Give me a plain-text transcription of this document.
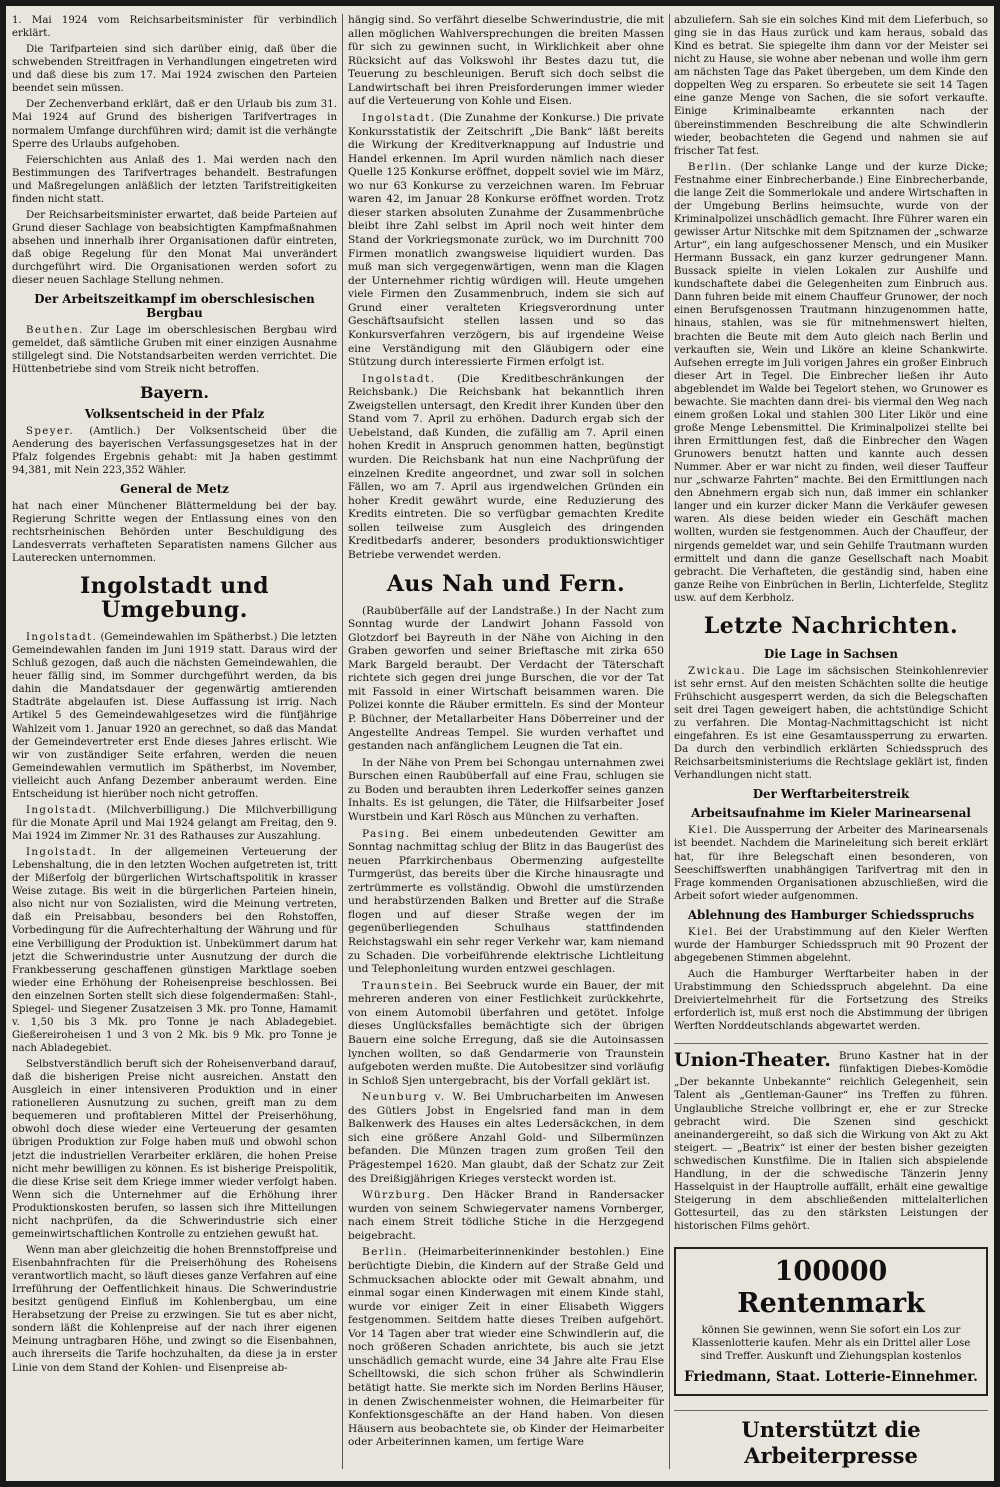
1. Mai 1924 vom Reichsarbeitsminister für verbindlich erklärt.

Die Tarifparteien sind sich darüber einig, daß über die schwebenden Streitfragen in Verhandlungen eingetreten wird und daß diese bis zum 17. Mai 1924 zwischen den Parteien beendet sein müssen.

Der Zechenverband erklärt, daß er den Urlaub bis zum 31. Mai 1924 auf Grund des bisherigen Tarifvertrages in normalem Umfange durchführen wird; damit ist die verhängte Sperre des Urlaubs aufgehoben.

Feierschichten aus Anlaß des 1. Mai werden nach den Bestimmungen des Tarifvertrages behandelt. Bestrafungen und Maßregelungen anläßlich der letzten Tarifstreitigkeiten finden nicht statt.

Der Reichsarbeitsminister erwartet, daß beide Parteien auf Grund dieser Sachlage von beabsichtigten Kampfmaßnahmen absehen und innerhalb ihrer Organisationen dafür eintreten, daß obige Regelung für den Monat Mai unverändert durchgeführt wird. Die Organisationen werden sofort zu dieser neuen Sachlage Stellung nehmen.

Der Arbeitszeitkampf im oberschlesischen Bergbau

Beuthen. Zur Lage im oberschlesischen Bergbau wird gemeldet, daß sämtliche Gruben mit einer einzigen Ausnahme stillgelegt sind. Die Notstandsarbeiten werden verrichtet. Die Hüttenbetriebe sind vom Streik nicht betroffen.

Bayern.
Volksentscheid in der Pfalz

Speyer. (Amtlich.) Der Volksentscheid über die Aenderung des bayerischen Verfassungsgesetzes hat in der Pfalz folgendes Ergebnis gehabt: mit Ja haben gestimmt 94,381, mit Nein 223,352 Wähler.

General de Metz

hat nach einer Münchener Blättermeldung bei der bay. Regierung Schritte wegen der Entlassung eines von den rechtsrheinischen Behörden unter Beschuldigung des Landesverrats verhafteten Separatisten namens Gilcher aus Lauterecken unternommen.

Ingolstadt und Umgebung.

Ingolstadt. (Gemeindewahlen im Spätherbst.) Die letzten Gemeindewahlen fanden im Juni 1919 statt. Daraus wird der Schluß gezogen, daß auch die nächsten Gemeindewahlen, die heuer fällig sind, im Sommer durchgeführt werden, da bis dahin die Mandatsdauer der gegenwärtig amtierenden Stadträte abgelaufen ist. Diese Auffassung ist irrig. Nach Artikel 5 des Gemeindewahlgesetzes wird die fünfjährige Wahlzeit vom 1. Januar 1920 an gerechnet, so daß das Mandat der Gemeindevertreter erst Ende dieses Jahres erlischt. Wie wir von zuständiger Seite erfahren, werden die neuen Gemeindewahlen vermutlich im Spätherbst, im November, vielleicht auch Anfang Dezember anberaumt werden. Eine Entscheidung ist hierüber noch nicht getroffen.

Ingolstadt. (Milchverbilligung.) Die Milchverbilligung für die Monate April und Mai 1924 gelangt am Freitag, den 9. Mai 1924 im Zimmer Nr. 31 des Rathauses zur Auszahlung.

Ingolstadt. In der allgemeinen Verteuerung der Lebenshaltung, die in den letzten Wochen aufgetreten ist, tritt der Mißerfolg der bürgerlichen Wirtschaftspolitik in krasser Weise zutage. Bis weit in die bürgerlichen Parteien hinein, also nicht nur von Sozialisten, wird die Meinung vertreten, daß ein Preisabbau, besonders bei den Rohstoffen, Vorbedingung für die Aufrechterhaltung der Währung und für eine Verbilligung der Produktion ist. Unbekümmert darum hat jetzt die Schwerindustrie unter Ausnutzung der durch die Frankbesserung geschaffenen günstigen Marktlage soeben wieder eine Erhöhung der Roheisenpreise beschlossen. Bei den einzelnen Sorten stellt sich diese folgendermaßen: Stahl-, Spiegel- und Siegener Zusatzeisen 3 Mk. pro Tonne, Hamamit v. 1,50 bis 3 Mk. pro Tonne je nach Abladegebiet. Gießereiroheisen 1 und 3 von 2 Mk. bis 9 Mk. pro Tonne je nach Abladegebiet.

Selbstverständlich beruft sich der Roheisenverband darauf, daß die bisherigen Preise nicht ausreichen. Anstatt den Ausgleich in einer intensiveren Produktion und in einer rationelleren Ausnutzung zu suchen, greift man zu dem bequemeren und profitableren Mittel der Preiserhöhung, obwohl doch diese wieder eine Verteuerung der gesamten übrigen Produktion zur Folge haben muß und obwohl schon jetzt die industriellen Verarbeiter erklären, die hohen Preise nicht mehr bewilligen zu können. Es ist bisherige Preispolitik, die diese Krise seit dem Kriege immer wieder verfolgt haben. Wenn sich die Unternehmer auf die Erhöhung ihrer Produktionskosten berufen, so lassen sich ihre Mitteilungen nicht nachprüfen, da die Schwerindustrie sich einer gemeinwirtschaftlichen Kontrolle zu entziehen gewußt hat.

Wenn man aber gleichzeitig die hohen Brennstoffpreise und Eisenbahnfrachten für die Preiserhöhung des Roheisens verantwortlich macht, so läuft dieses ganze Verfahren auf eine Irreführung der Oeffentlichkeit hinaus. Die Schwerindustrie besitzt genügend Einfluß im Kohlenbergbau, um eine Herabsetzung der Preise zu erzwingen. Sie tut es aber nicht, sondern läßt die Kohlenpreise auf der nach ihrer eigenen Meinung untragbaren Höhe, und zwingt so die Eisenbahnen, auch ihrerseits die Tarife hochzuhalten, da diese ja in erster Linie von dem Stand der Kohlen- und Eisenpreise ab-

hängig sind. So verfährt dieselbe Schwerindustrie, die mit allen möglichen Wahlversprechungen die breiten Massen für sich zu gewinnen sucht, in Wirklichkeit aber ohne Rücksicht auf das Volkswohl ihr Bestes dazu tut, die Teuerung zu beschleunigen. Beruft sich doch selbst die Landwirtschaft bei ihren Preisforderungen immer wieder auf die Verteuerung von Kohle und Eisen.

Ingolstadt. (Die Zunahme der Konkurse.) Die private Konkursstatistik der Zeitschrift „Die Bank“ läßt bereits die Wirkung der Kreditverknappung auf Industrie und Handel erkennen. Im April wurden nämlich nach dieser Quelle 125 Konkurse eröffnet, doppelt soviel wie im März, wo nur 63 Konkurse zu verzeichnen waren. Im Februar waren 42, im Januar 28 Konkurse eröffnet worden. Trotz dieser starken absoluten Zunahme der Zusammenbrüche bleibt ihre Zahl selbst im April noch weit hinter dem Stand der Vorkriegsmonate zurück, wo im Durchnitt 700 Firmen monatlich zwangsweise liquidiert wurden. Das muß man sich vergegenwärtigen, wenn man die Klagen der Unternehmer richtig würdigen will. Heute umgehen viele Firmen den Zusammenbruch, indem sie sich auf Grund einer veralteten Kriegsverordnung unter Geschäftsaufsicht stellen lassen und so das Konkursverfahren verzögern, bis auf irgendeine Weise eine Verständigung mit den Gläubigern oder eine Stützung durch interessierte Firmen erfolgt ist.

Ingolstadt. (Die Kreditbeschränkungen der Reichsbank.) Die Reichsbank hat bekanntlich ihren Zweigstellen untersagt, den Kredit ihrer Kunden über den Stand vom 7. April zu erhöhen. Dadurch ergab sich der Uebelstand, daß Kunden, die zufällig am 7. April einen hohen Kredit in Anspruch genommen hatten, begünstigt wurden. Die Reichsbank hat nun eine Nachprüfung der einzelnen Kredite angeordnet, und zwar soll in solchen Fällen, wo am 7. April aus irgendwelchen Gründen ein hoher Kredit gewährt wurde, eine Reduzierung des Kredits eintreten. Die so verfügbar gemachten Kredite sollen teilweise zum Ausgleich des dringenden Kreditbedarfs anderer, besonders produktionswichtiger Betriebe verwendet werden.

Aus Nah und Fern.

(Raubüberfälle auf der Landstraße.) In der Nacht zum Sonntag wurde der Landwirt Johann Fassold von Glotzdorf bei Bayreuth in der Nähe von Aiching in den Graben geworfen und seiner Brieftasche mit zirka 650 Mark Bargeld beraubt. Der Verdacht der Täterschaft richtete sich gegen drei junge Burschen, die vor der Tat mit Fassold in einer Wirtschaft beisammen waren. Die Polizei konnte die Räuber ermitteln. Es sind der Monteur P. Büchner, der Metallarbeiter Hans Döberreiner und der Angestellte Andreas Tempel. Sie wurden verhaftet und gestanden nach anfänglichem Leugnen die Tat ein.

In der Nähe von Prem bei Schongau unternahmen zwei Burschen einen Raubüberfall auf eine Frau, schlugen sie zu Boden und beraubten ihren Lederkoffer seines ganzen Inhalts. Es ist gelungen, die Täter, die Hilfsarbeiter Josef Wurstbein und Karl Rösch aus München zu verhaften.

Pasing. Bei einem unbedeutenden Gewitter am Sonntag nachmittag schlug der Blitz in das Baugerüst des neuen Pfarrkirchenbaus Obermenzing aufgestellte Turmgerüst, das bereits über die Kirche hinausragte und zertrümmerte es vollständig. Obwohl die umstürzenden und herabstürzenden Balken und Bretter auf die Straße flogen und auf dieser Straße wegen der im gegenüberliegenden Schulhaus stattfindenden Reichstagswahl ein sehr reger Verkehr war, kam niemand zu Schaden. Die vorbeiführende elektrische Lichtleitung und Telephonleitung wurden entzwei geschlagen.

Traunstein. Bei Seebruck wurde ein Bauer, der mit mehreren anderen von einer Festlichkeit zurückkehrte, von einem Automobil überfahren und getötet. Infolge dieses Unglücksfalles bemächtigte sich der übrigen Bauern eine solche Erregung, daß sie die Autoinsassen lynchen wollten, so daß Gendarmerie von Traunstein aufgeboten werden mußte. Die Autobesitzer sind vorläufig in Schloß Sjen untergebracht, bis der Vorfall geklärt ist.

Neunburg v. W. Bei Umbrucharbeiten im Anwesen des Gütlers Jobst in Engelsried fand man in dem Balkenwerk des Hauses ein altes Ledersäckchen, in dem sich eine größere Anzahl Gold- und Silbermünzen befanden. Die Münzen tragen zum großen Teil den Prägestempel 1620. Man glaubt, daß der Schatz zur Zeit des Dreißigjährigen Krieges versteckt worden ist.

Würzburg. Den Häcker Brand in Randersacker wurden von seinem Schwiegervater namens Vornberger, nach einem Streit tödliche Stiche in die Herzgegend beigebracht.

Berlin. (Heimarbeiterinnenkinder bestohlen.) Eine berüchtigte Diebin, die Kindern auf der Straße Geld und Schmucksachen ablockte oder mit Gewalt abnahm, und einmal sogar einen Kinderwagen mit einem Kinde stahl, wurde vor einiger Zeit in einer Elisabeth Wiggers festgenommen. Seitdem hatte dieses Treiben aufgehört. Vor 14 Tagen aber trat wieder eine Schwindlerin auf, die noch größeren Schaden anrichtete, bis auch sie jetzt unschädlich gemacht wurde, eine 34 Jahre alte Frau Else Schelltowski, die sich schon früher als Schwindlerin betätigt hatte. Sie merkte sich im Norden Berlins Häuser, in denen Zwischenmeister wohnen, die Heimarbeiter für Konfektionsgeschäfte an der Hand haben. Von diesen Häusern aus beobachtete sie, ob Kinder der Heimarbeiter oder Arbeiterinnen kamen, um fertige Ware

abzuliefern. Sah sie ein solches Kind mit dem Lieferbuch, so ging sie in das Haus zurück und kam heraus, sobald das Kind es betrat. Sie spiegelte ihm dann vor der Meister sei nicht zu Hause, sie wohne aber nebenan und wolle ihm gern am nächsten Tage das Paket übergeben, um dem Kinde den doppelten Weg zu ersparen. So erbeutete sie seit 14 Tagen eine ganze Menge von Sachen, die sie sofort verkaufte. Einige Kriminalbeamte erkannten nach der übereinstimmenden Beschreibung die alte Schwindlerin wieder, beobachteten die Gegend und nahmen sie auf frischer Tat fest.

Berlin. (Der schlanke Lange und der kurze Dicke; Festnahme einer Einbrecherbande.) Eine Einbrecherbande, die lange Zeit die Sommerlokale und andere Wirtschaften in der Umgebung Berlins heimsuchte, wurde von der Kriminalpolizei unschädlich gemacht. Ihre Führer waren ein gewisser Artur Nitschke mit dem Spitznamen der „schwarze Artur“, ein lang aufgeschossener Mensch, und ein Musiker Hermann Bussack, ein ganz kurzer gedrungener Mann. Bussack spielte in vielen Lokalen zur Aushilfe und kundschaftete dabei die Gelegenheiten zum Einbruch aus. Dann fuhren beide mit einem Chauffeur Grunower, der noch einen Berufsgenossen Trautmann hinzugenommen hatte, hinaus, stahlen, was sie für mitnehmenswert hielten, brachten die Beute mit dem Auto gleich nach Berlin und verkauften sie, Wein und Liköre an kleine Schankwirte. Aufsehen erregte im Juli vorigen Jahres ein großer Einbruch dieser Art in Tegel. Die Einbrecher ließen ihr Auto abgeblendet im Walde bei Tegelort stehen, wo Grunower es bewachte. Sie machten dann drei- bis viermal den Weg nach einem großen Lokal und stahlen 300 Liter Likör und eine große Menge Lebensmittel. Die Kriminalpolizei stellte bei ihren Ermittlungen fest, daß die Einbrecher den Wagen Grunowers benutzt hatten und kannte auch dessen Nummer. Aber er war nicht zu finden, weil dieser Tauffeur nur „schwarze Fahrten“ machte. Bei den Ermittlungen nach den Abnehmern ergab sich nun, daß immer ein schlanker langer und ein kurzer dicker Mann die Verkäufer gewesen waren. Als diese beiden wieder ein Geschäft machen wollten, wurden sie festgenommen. Auch der Chauffeur, der nirgends gemeldet war, und sein Gehilfe Trautmann wurden ermittelt und dann die ganze Gesellschaft nach Moabit gebracht. Die Verhafteten, die geständig sind, haben eine ganze Reihe von Einbrüchen in Berlin, Lichterfelde, Steglitz usw. auf dem Kerbholz.

Letzte Nachrichten.
Die Lage in Sachsen

Zwickau. Die Lage im sächsischen Steinkohlenrevier ist sehr ernst. Auf den meisten Schächten sollte die heutige Frühschicht ausgesperrt werden, da sich die Belegschaften seit drei Tagen geweigert haben, die achtstündige Schicht zu verfahren. Die Montag-Nachmittagschicht ist nicht eingefahren. Es ist eine Gesamtaussperrung zu erwarten. Da durch den verbindlich erklärten Schiedsspruch des Reichsarbeitsministeriums die Rechtslage geklärt ist, finden Verhandlungen nicht statt.

Der Werftarbeiterstreik
Arbeitsaufnahme im Kieler Marinearsenal

Kiel. Die Aussperrung der Arbeiter des Marinearsenals ist beendet. Nachdem die Marineleitung sich bereit erklärt hat, für ihre Belegschaft einen besonderen, von Seeschiffswerften unabhängigen Tarifvertrag mit den in Frage kommenden Organisationen abzuschließen, wird die Arbeit sofort wieder aufgenommen.

Ablehnung des Hamburger Schiedsspruchs

Kiel. Bei der Urabstimmung auf den Kieler Werften wurde der Hamburger Schiedsspruch mit 90 Prozent der abgegebenen Stimmen abgelehnt.

Auch die Hamburger Werftarbeiter haben in der Urabstimmung den Schiedsspruch abgelehnt. Da eine Dreiviertelmehrheit für die Fortsetzung des Streiks erforderlich ist, muß erst noch die Abstimmung der übrigen Werften Norddeutschlands abgewartet werden.

Union-Theater. Bruno Kastner hat in der fünfaktigen Diebes-Komödie „Der bekannte Unbekannte“ reichlich Gelegenheit, sein Talent als „Gentleman-Gauner“ ins Treffen zu führen. Unglaubliche Streiche vollbringt er, ehe er zur Strecke gebracht wird. Die Szenen sind geschickt aneinandergereiht, so daß sich die Wirkung von Akt zu Akt steigert. — „Beatrix“ ist einer der besten bisher gezeigten schwedischen Kunstfilme. Die in Italien sich abspielende Handlung, in der die schwedische Tänzerin Jenny Hasselquist in der Hauptrolle auffällt, erhält eine gewaltige Steigerung in dem abschließenden mittelalterlichen Gottesurteil, das zu den stärksten Leistungen der historischen Films gehört.

100000 Rentenmark
können Sie gewinnen, wenn Sie sofort ein Los zur Klassenlotterie kaufen. Mehr als ein Drittel aller Lose sind Treffer. Auskunft und Ziehungsplan kostenlos
Friedmann, Staat. Lotterie-Einnehmer.
Unterstützt die Arbeiterpresse
